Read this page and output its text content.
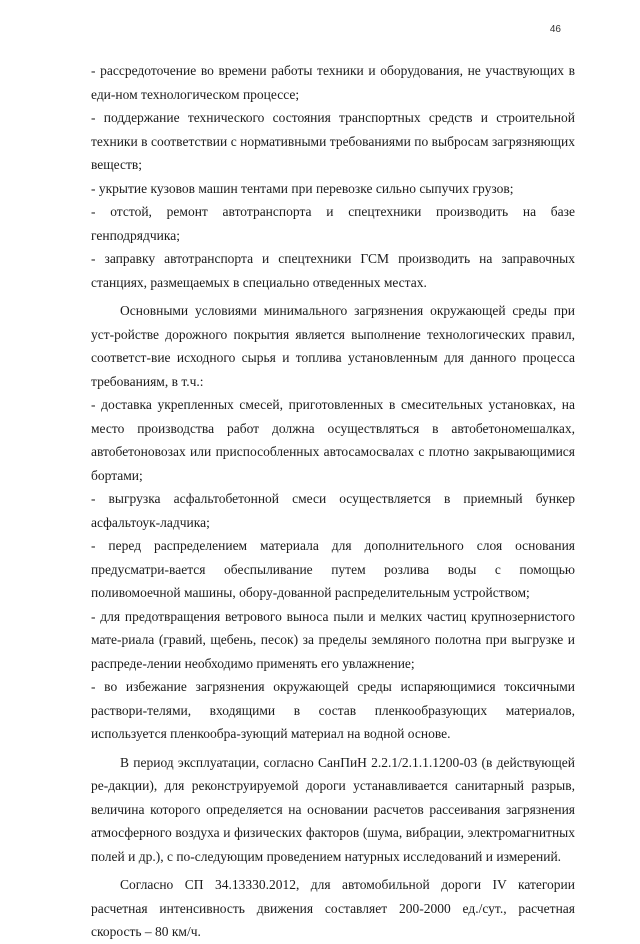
46

- рассредоточение во времени работы техники и оборудования, не участвующих в еди-ном технологическом процессе;

- поддержание технического состояния транспортных средств и строительной техники в соответствии с нормативными требованиями по выбросам загрязняющих веществ;

- укрытие кузовов машин тентами при перевозке сильно сыпучих грузов;

- отстой, ремонт автотранспорта и спецтехники производить на базе генподрядчика;

- заправку автотранспорта и спецтехники ГСМ производить на заправочных станциях, размещаемых в специально отведенных местах.

Основными условиями минимального загрязнения окружающей среды при уст-ройстве дорожного покрытия является выполнение технологических правил, соответст-вие исходного сырья и топлива установленным для данного процесса требованиям, в т.ч.:

- доставка укрепленных смесей, приготовленных в смесительных установках, на место производства работ должна осуществляться в автобетономешалках, автобетоновозах или приспособленных автосамосвалах с плотно закрывающимися бортами;

- выгрузка асфальтобетонной смеси осуществляется в приемный бункер асфальтоук-ладчика;

- перед распределением материала для дополнительного слоя основания предусматри-вается обеспыливание путем розлива воды с помощью поливомоечной машины, обору-дованной распределительным устройством;

- для предотвращения ветрового выноса пыли и мелких частиц крупнозернистого мате-риала (гравий, щебень, песок) за пределы земляного полотна при выгрузке и распреде-лении необходимо применять его увлажнение;

- во избежание загрязнения окружающей среды испаряющимися токсичными раствори-телями, входящими в состав пленкообразующих материалов, используется пленкообра-зующий материал на водной основе.

В период эксплуатации, согласно СанПиН 2.2.1/2.1.1.1200-03 (в действующей ре-дакции), для реконструируемой дороги устанавливается санитарный разрыв, величина которого определяется на основании расчетов рассеивания загрязнения атмосферного воздуха и физических факторов (шума, вибрации, электромагнитных полей и др.), с по-следующим проведением натурных исследований и измерений.

Согласно СП 34.13330.2012, для автомобильной дороги IV категории расчетная интенсивность движения составляет 200-2000 ед./сут., расчетная скорость – 80 км/ч.
